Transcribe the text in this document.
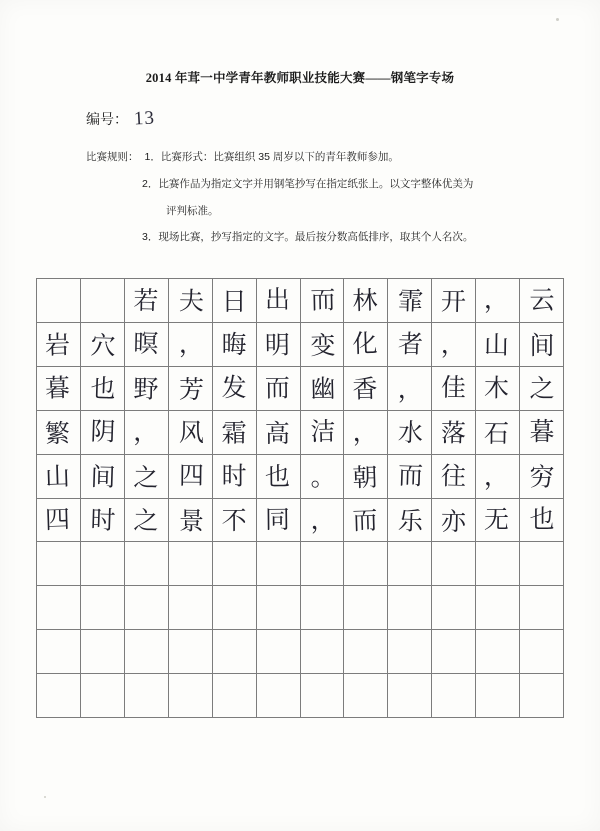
2014 年茸一中学青年教师职业技能大赛——钢笔字专场
编号： 13
比赛规则： 1．比赛形式：比赛组织 35 周岁以下的青年教师参加。
2．比赛作品为指定文字并用钢笔抄写在指定纸张上。以文字整体优美为
评判标准。
3．现场比赛，抄写指定的文字。最后按分数高低排序，取其个人名次。
若 夫 日 出 而 林 霏 开 ， 云
岩 穴 暝 ， 晦 明 变 化 者 ， 山 间
暮 也 野 芳 发 而 幽 香 ， 佳 木 之
繁 阴 ， 风 霜 高 洁 ， 水 落 石 暮
山 间 之 四 时 也 。 朝 而 往 ， 穷
四 时 之 景 不 同 ， 而 乐 亦 无 也
